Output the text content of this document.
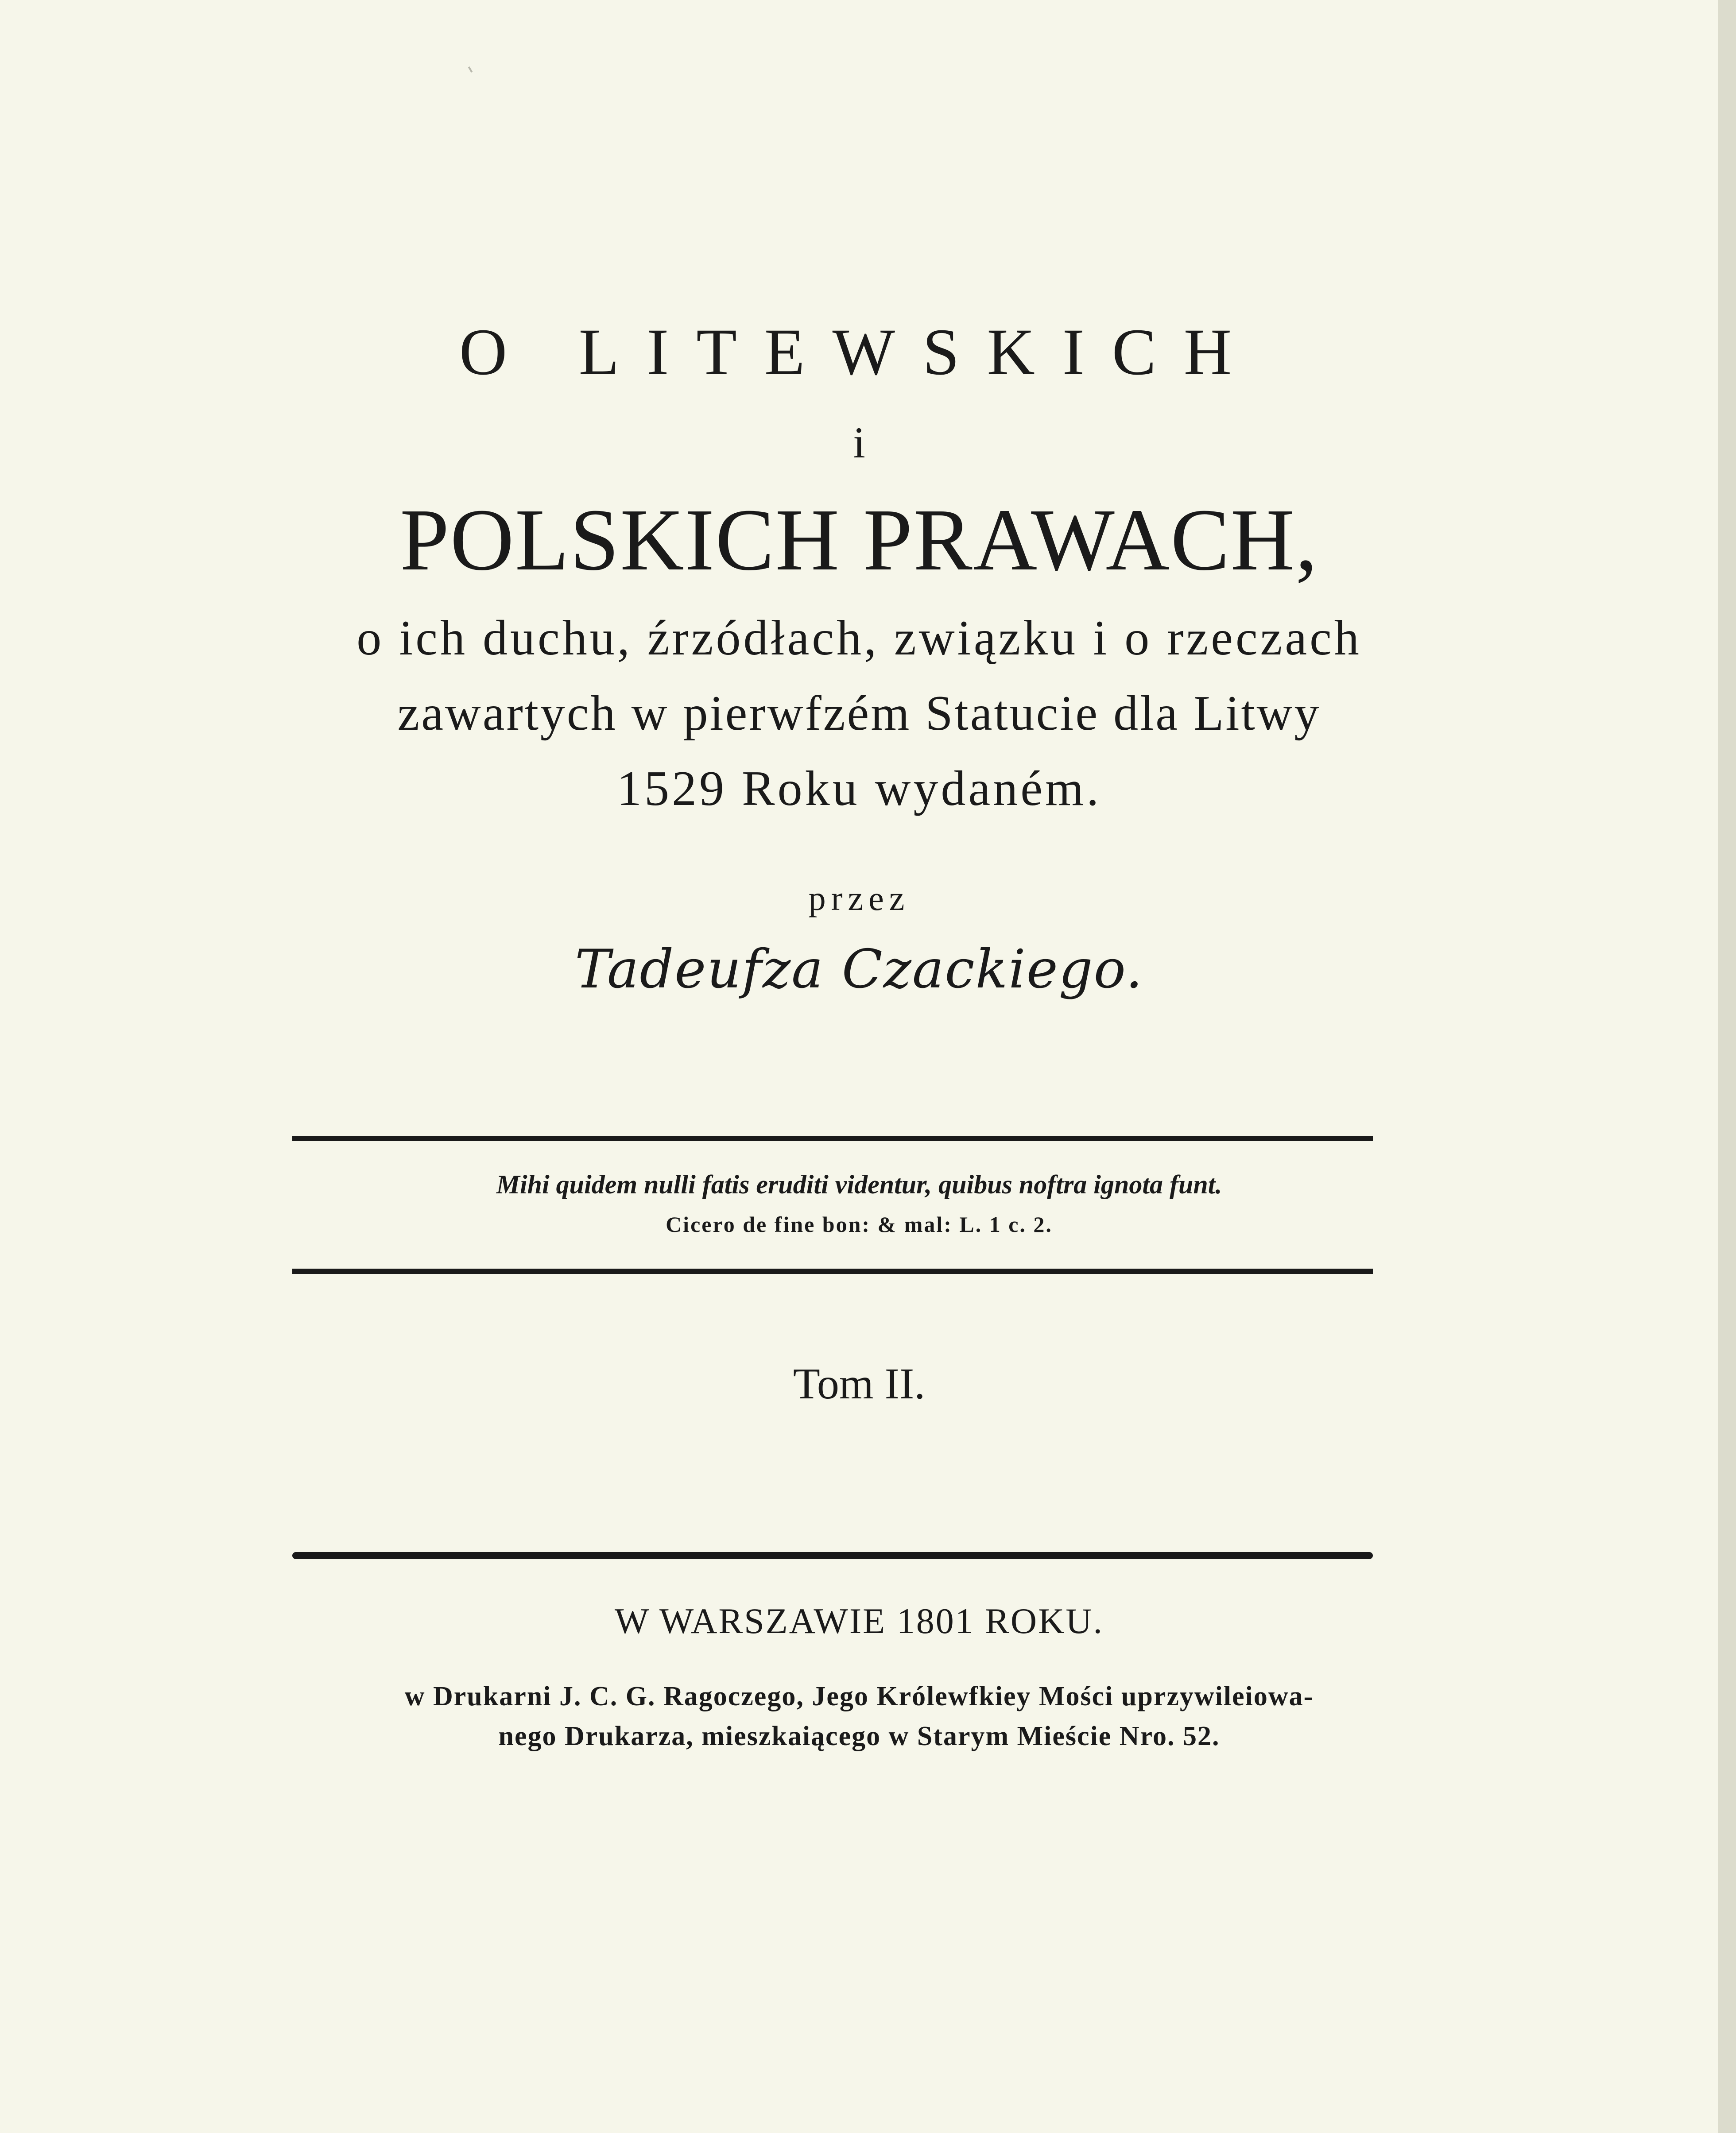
O LITEWSKICH
i
POLSKICH PRAWACH,
o ich duchu, źrzódłach, związku i o rzeczach
zawartych w pierwfzém Statucie dla Litwy
1529 Roku wydaném.
przez
Tadeufza Czackiego.
Mihi quidem nulli fatis eruditi videntur, quibus noftra ignota funt.
Cicero de fine bon: & mal: L. 1 c. 2.
Tom II.
W WARSZAWIE 1801 ROKU.
w Drukarni J. C. G. Ragoczego, Jego Królewfkiey Mości uprzywileiowa-
nego Drukarza, mieszkaiącego w Starym Mieście Nro. 52.
